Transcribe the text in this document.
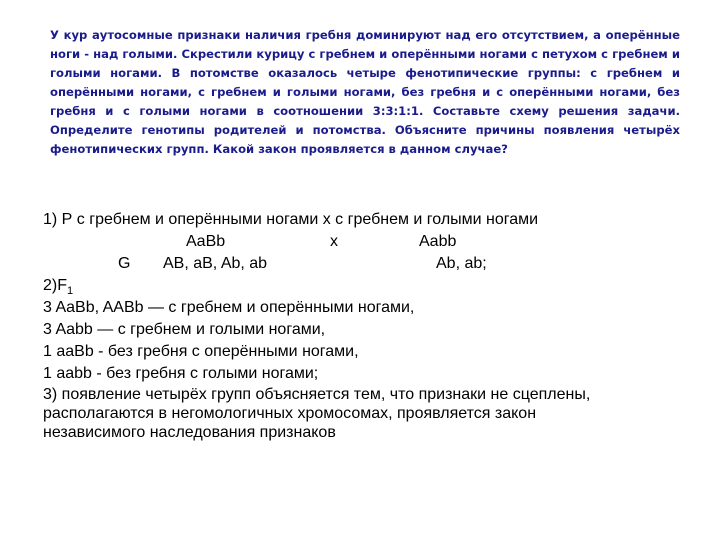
У кур аутосомные признаки наличия гребня доминируют над его отсутствием, а оперённые ноги - над голыми. Скрестили курицу с гребнем и оперёнными ногами с петухом с гребнем и голыми ногами. В потомстве оказалось четыре фенотипические группы: с гребнем и оперёнными ногами, с гребнем и голыми ногами, без гребня и с оперёнными ногами, без гребня и с голыми ногами в соотношении 3:3:1:1. Составьте схему решения задачи. Определите генотипы родителей и потомства. Объясните причины появления четырёх фенотипических групп. Какой закон проявляется в данном случае?
1) Р с гребнем и оперёнными ногами х с гребнем и голыми ногами
AaBb	х	Aabb
G AB, aB, Ab, ab	Ab, ab;
$2)F_1$
3 AaBb, AABb — с гребнем и оперёнными ногами,
3 Aabb — с гребнем и голыми ногами,
1 aaBb - без гребня с оперёнными ногами,
1 aabb - без гребня с голыми ногами;
3) появление четырёх групп объясняется тем, что признаки не сцеплены,
располагаются в негомологичных хромосомах, проявляется закон
независимого наследования признаков
